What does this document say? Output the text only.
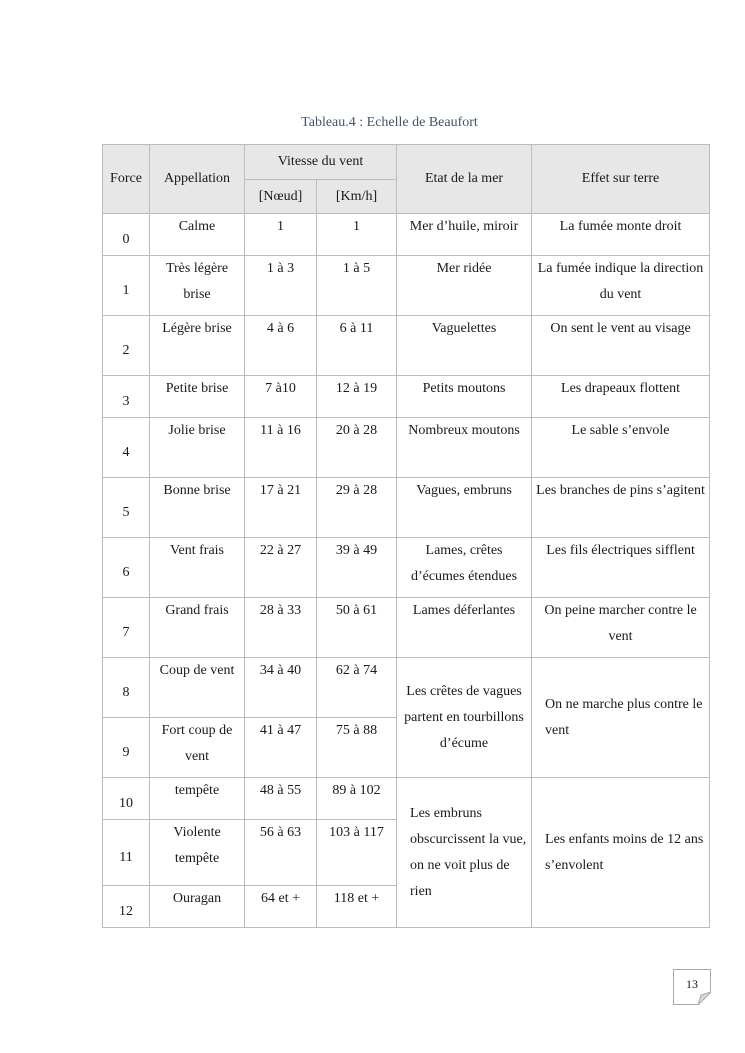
Tableau.4 : Echelle de Beaufort
Force	Appellation	Vitesse du vent		Etat de la mer	Effet sur terre
		[Nœud]	[Km/h]		
0	Calme	1	1	Mer d’huile, miroir	La fumée monte droit
1	Très légère brise	1 à 3	1 à 5	Mer ridée	La fumée indique la direction du vent
2	Légère brise	4 à 6	6 à 11	Vaguelettes	On sent le vent au visage
3	Petite brise	7 à10	12 à 19	Petits moutons	Les drapeaux flottent
4	Jolie brise	11 à 16	20 à 28	Nombreux moutons	Le sable s’envole
5	Bonne brise	17 à 21	29 à 28	Vagues, embruns	Les branches de pins s’agitent
6	Vent frais	22 à 27	39 à 49	Lames, crêtes d’écumes étendues	Les fils électriques sifflent
7	Grand frais	28 à 33	50 à 61	Lames déferlantes	On peine marcher contre le vent
8	Coup de vent	34 à 40	62 à 74	Les crêtes de vagues partent en tourbillons d’écume	On ne marche plus contre le vent
9	Fort coup de vent	41 à 47	75 à 88		
10	tempête	48 à 55	89 à 102	Les embruns obscurcissent la vue, on ne voit plus de rien	Les enfants moins de 12 ans s’envolent
11	Violente tempête	56 à 63	103 à 117		
12	Ouragan	64 et +	118 et +		
13
